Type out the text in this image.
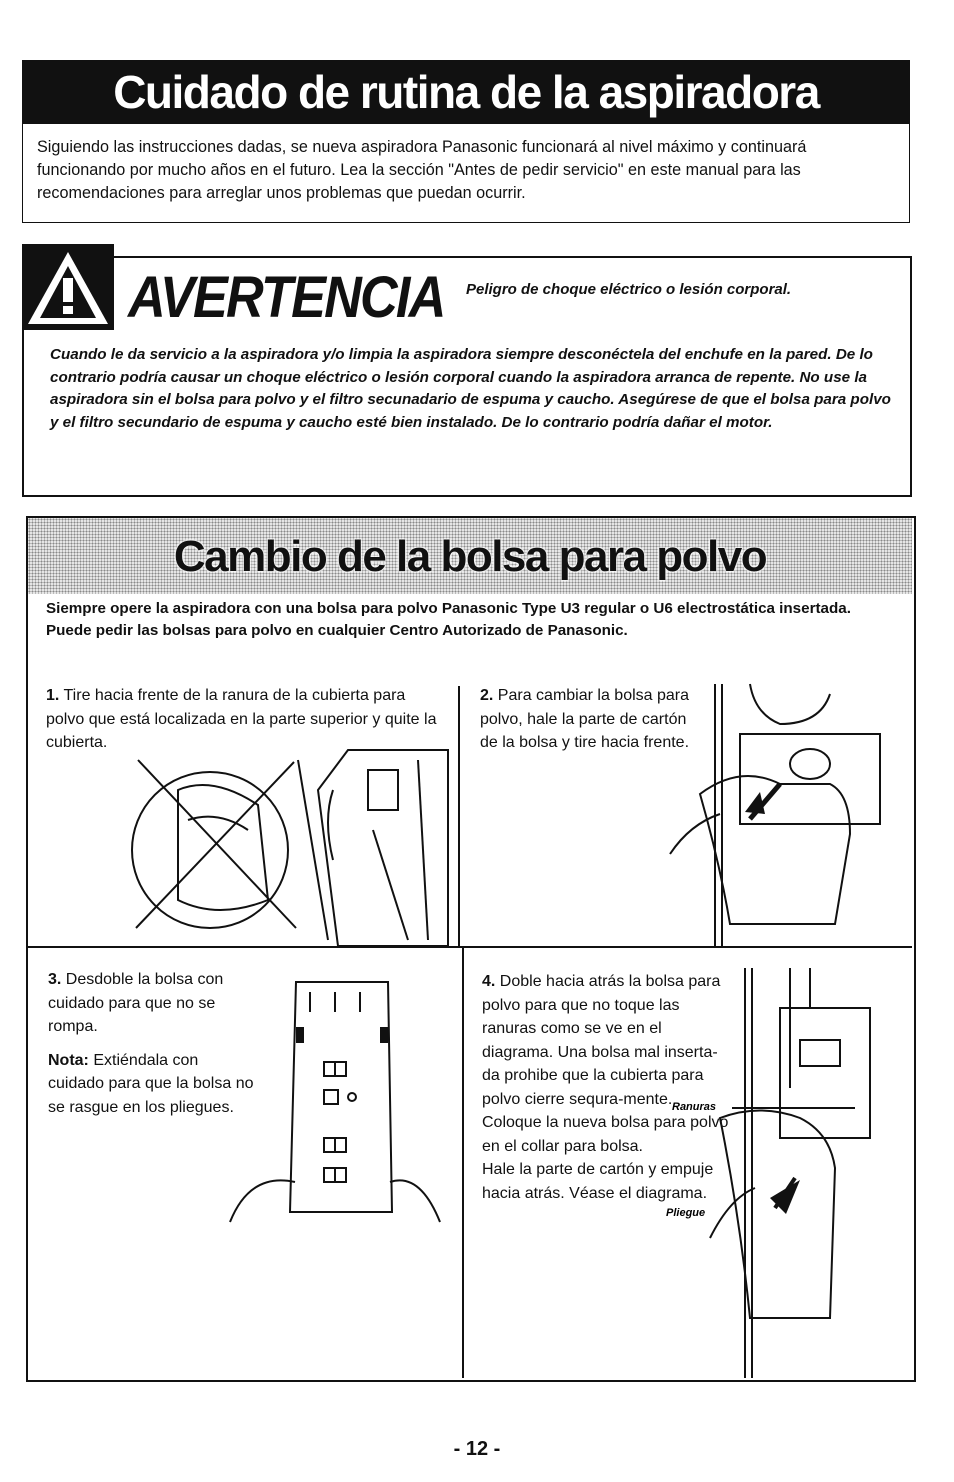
Cuidado de rutina de la aspiradora
Siguiendo las instrucciones dadas, se nueva aspiradora Panasonic funcionará al nivel máximo y continuará funcionando por mucho años en el futuro. Lea la sección "Antes de pedir servicio" en este manual para las recomendaciones para arreglar unos problemas que puedan ocurrir.
AVERTENCIA Peligro de choque eléctrico o lesión corporal.
Cuando le da servicio a la aspiradora y/o limpia la aspiradora siempre desconéctela del enchufe en la pared. De lo contrario podría causar un choque eléctrico o lesión corporal cuando la aspiradora arranca de repente. No use la aspiradora sin el bolsa para polvo y el filtro secunadario de espuma y caucho. Asegúrese de que el bolsa para polvo y el filtro secundario de espuma y caucho esté bien instalado. De lo contrario podría dañar el motor.
Cambio de la bolsa para polvo
Siempre opere la aspiradora con una bolsa para polvo Panasonic Type U3 regular o U6 electrostática insertada. Puede pedir las bolsas para polvo en cualquier Centro Autorizado de Panasonic.
1. Tire hacia frente de la ranura de la cubierta para polvo que está localizada en la parte superior y quite la cubierta.
2. Para cambiar la bolsa para polvo, hale la parte de cartón de la bolsa y tire hacia frente.
3. Desdoble la bolsa con cuidado para que no se rompa.
Nota: Extiéndala con cuidado para que la bolsa no se rasgue en los pliegues.
4. Doble hacia atrás la bolsa para polvo para que no toque las ranuras como se ve en el diagrama. Una bolsa mal inserta-da prohibe que la cubierta para polvo cierre sequra-mente. Coloque la nueva bolsa para polvo en el collar para bolsa.
Hale la parte de cartón y empuje hacia atrás. Véase el diagrama.
Ranuras
Pliegue
- 12 -
